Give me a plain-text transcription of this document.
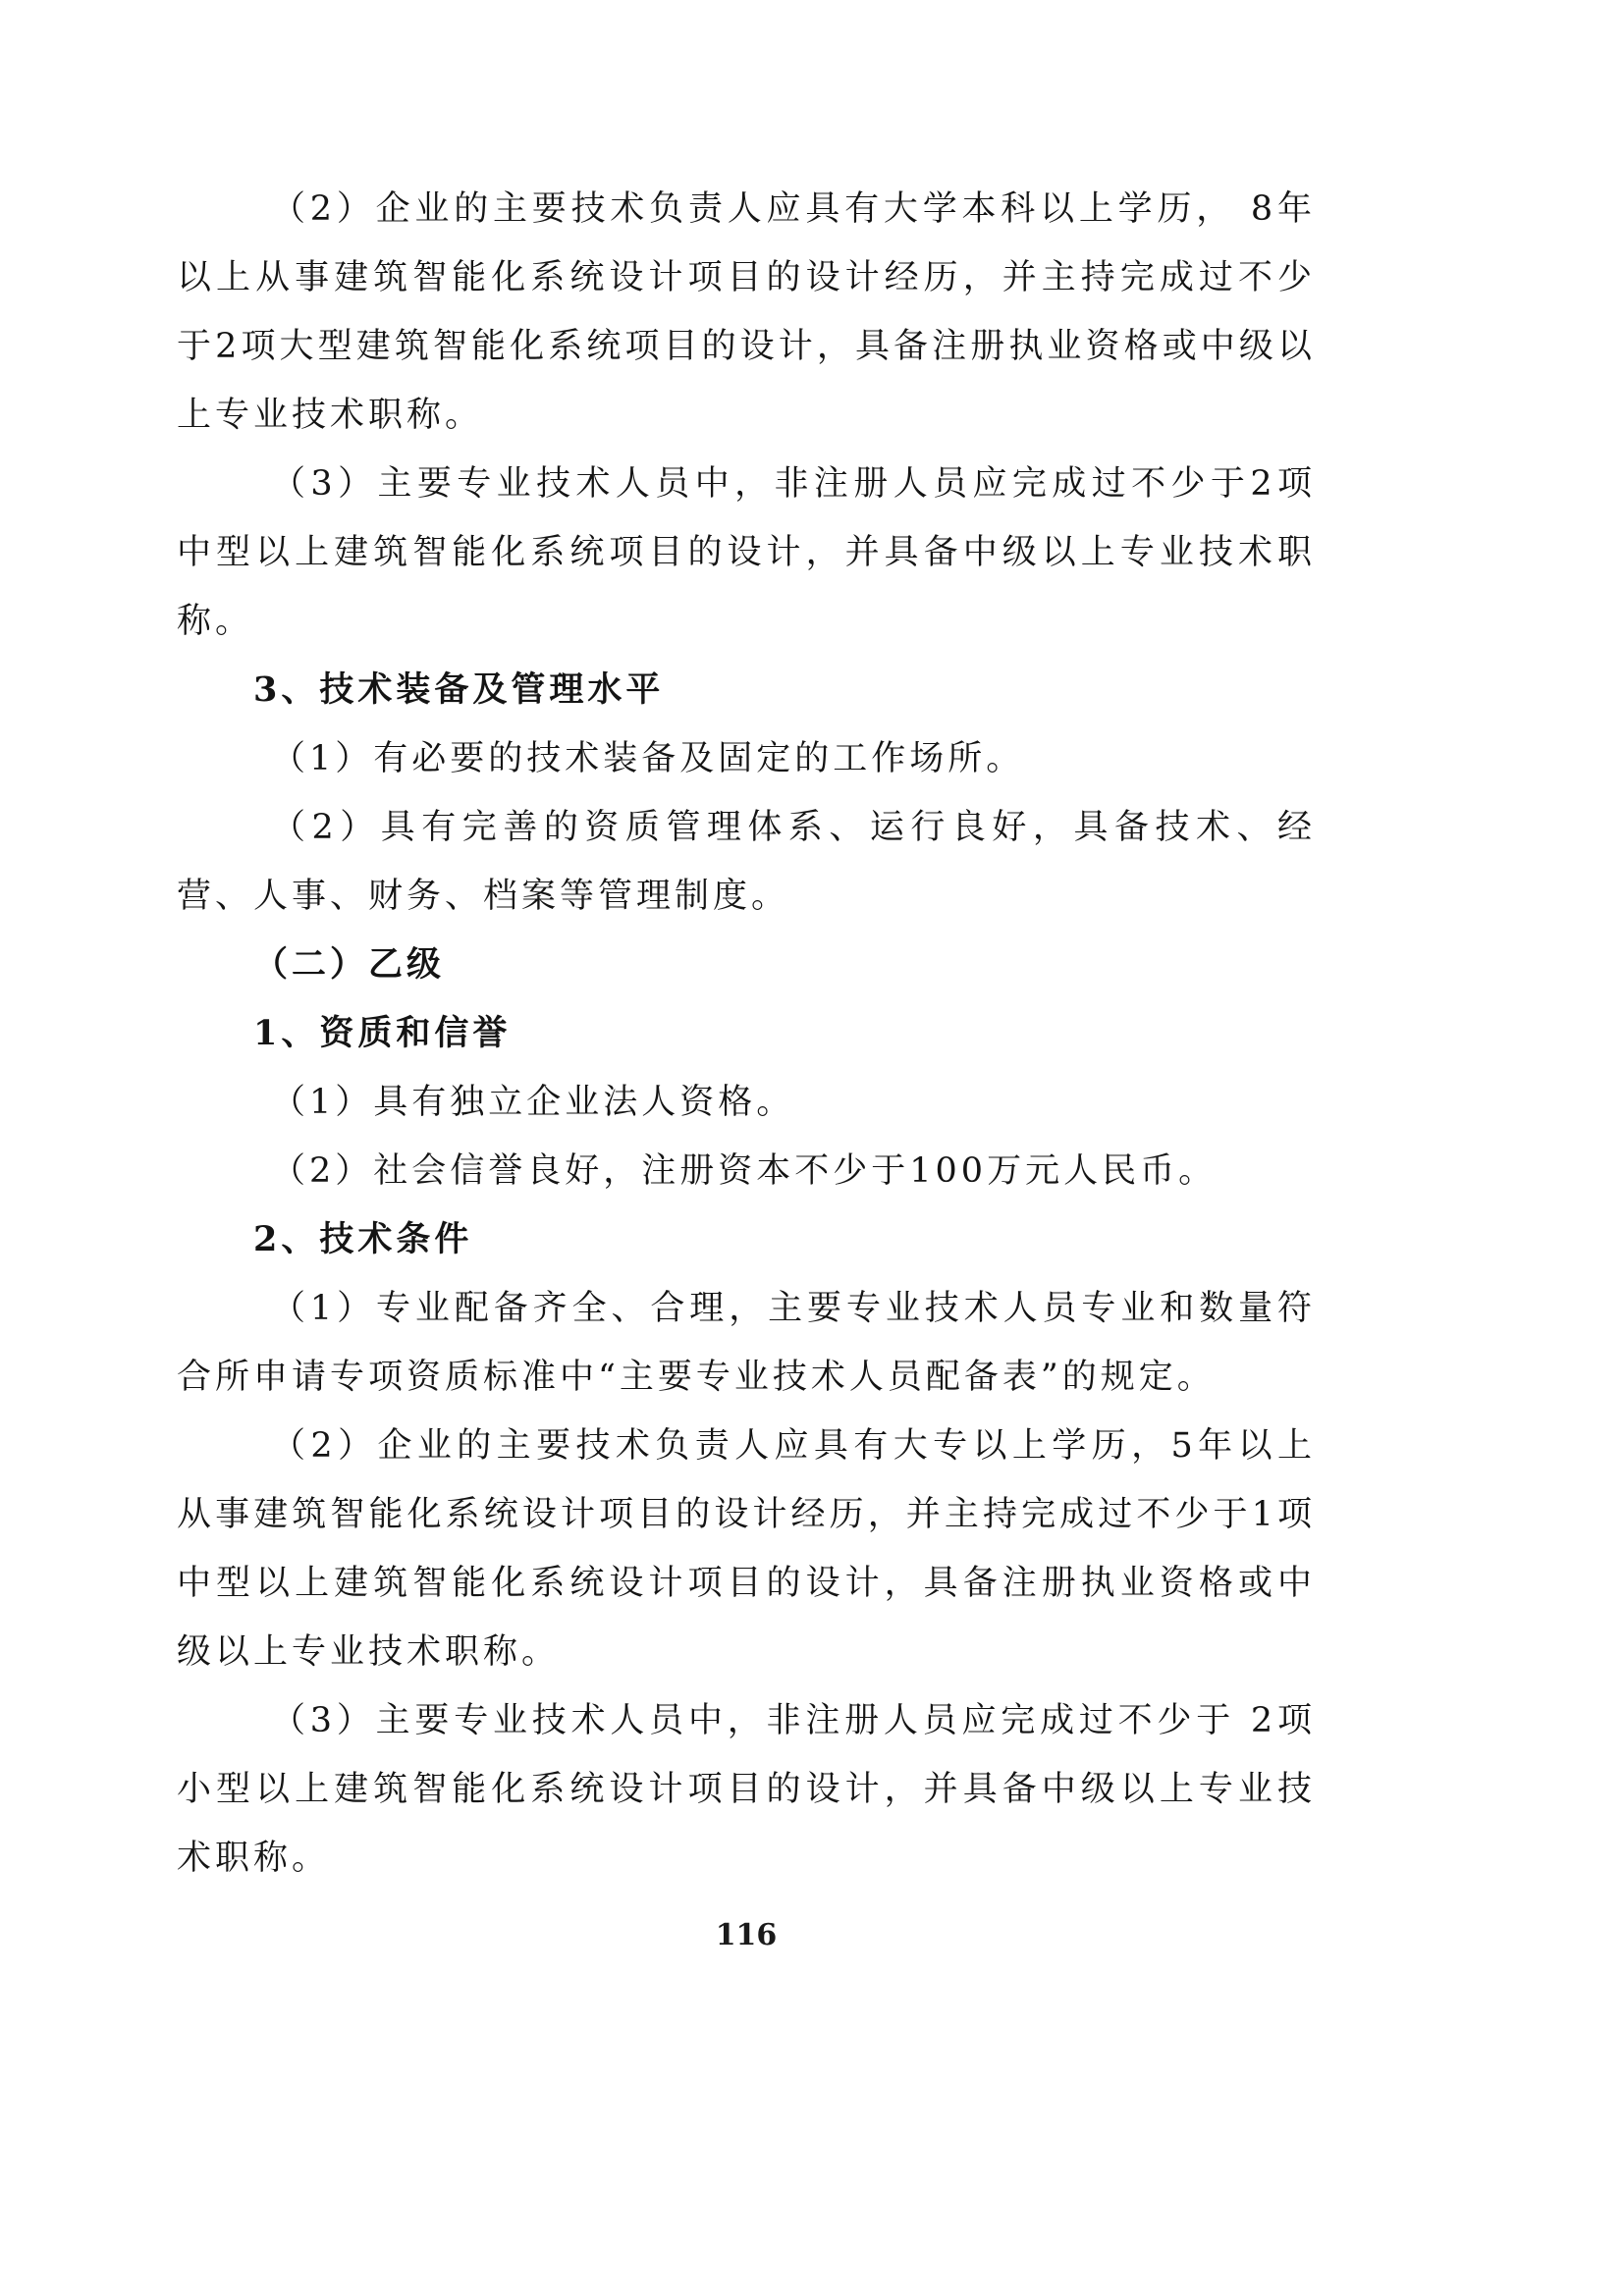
（2）企业的主要技术负责人应具有大学本科以上学历， 8年以上从事建筑智能化系统设计项目的设计经历，并主持完成过不少于2项大型建筑智能化系统项目的设计，具备注册执业资格或中级以上专业技术职称。

（3）主要专业技术人员中，非注册人员应完成过不少于2项中型以上建筑智能化系统项目的设计，并具备中级以上专业技术职称。

3、技术装备及管理水平

（1）有必要的技术装备及固定的工作场所。

（2）具有完善的资质管理体系、运行良好，具备技术、经营、人事、财务、档案等管理制度。

（二）乙级

1、资质和信誉

（1）具有独立企业法人资格。

（2）社会信誉良好，注册资本不少于100万元人民币。

2、技术条件

（1）专业配备齐全、合理，主要专业技术人员专业和数量符合所申请专项资质标准中“主要专业技术人员配备表”的规定。

（2）企业的主要技术负责人应具有大专以上学历，5年以上从事建筑智能化系统设计项目的设计经历，并主持完成过不少于1项中型以上建筑智能化系统设计项目的设计，具备注册执业资格或中级以上专业技术职称。

（3）主要专业技术人员中，非注册人员应完成过不少于 2项小型以上建筑智能化系统设计项目的设计，并具备中级以上专业技术职称。

116
